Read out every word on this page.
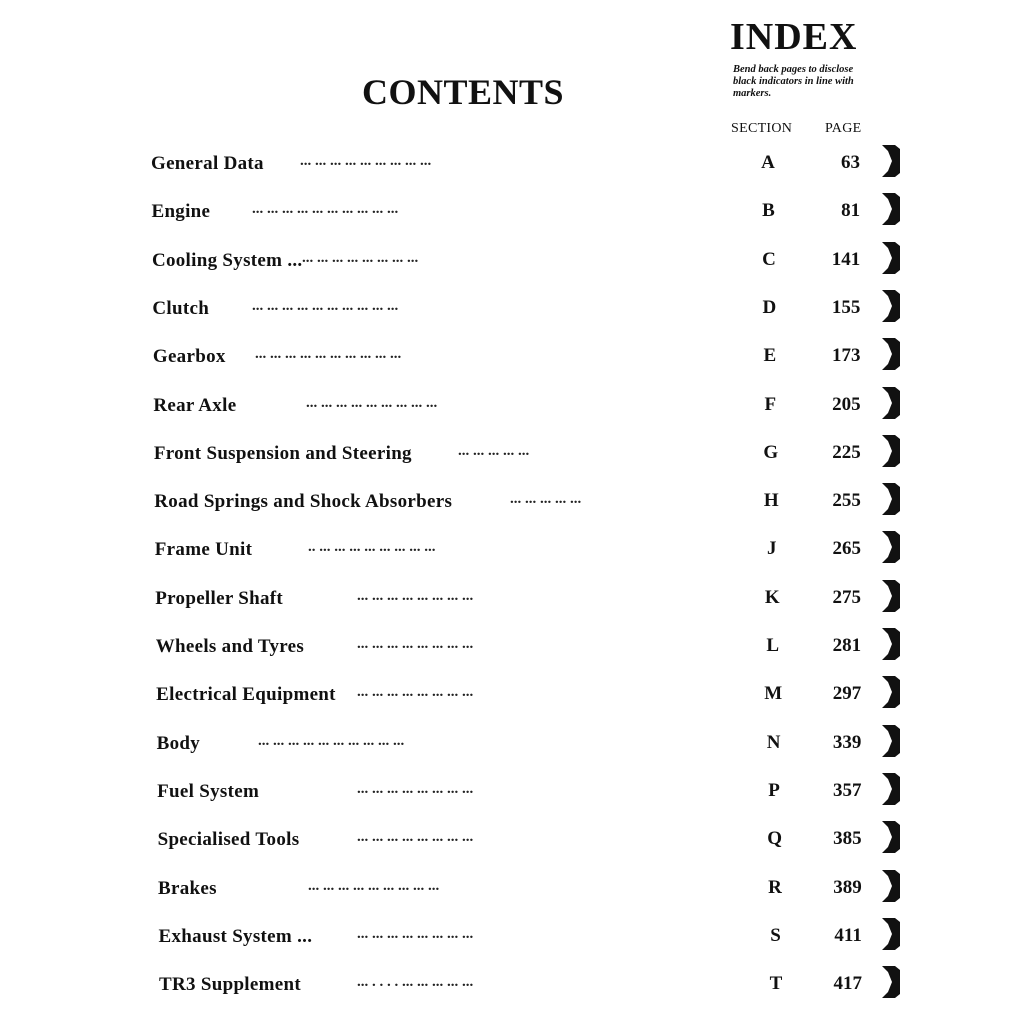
INDEX
Bend back pages to disclose black indicators in line with markers.
CONTENTS
SECTION PAGE
General Data ... ... ... ... ... ... ... ... ...	A	63
Engine	... ... ... ... ... ... ... ... ... ...	B	81
Cooling System ... ... ... ... ... ... ... ... ...	C	141
Clutch	... ... ... ... ... ... ... ... ... ...	D	155
Gearbox ... ... ... ... ... ... ... ... ... ...	E	173
Rear Axle	... ... ... ... ... ... ... ... ...	F	205
Front Suspension and Steering	... ... ... ... ...	G	225
Road Springs and Shock Absorbers	... ... ... ... ...	H	255
Frame Unit	.. ... ... ... ... ... ... ... ...	J	265
Propeller Shaft	... ... ... ... ... ... ... ...	K	275
Wheels and Tyres	... ... ... ... ... ... ... ...	L	281
Electrical Equipment ... ... ... ... ... ... ... ...	M	297
Body	... ... ... ... ... ... ... ... ... ...	N	339
Fuel System	... ... ... ... ... ... ... ...	P	357
Specialised Tools	... ... ... ... ... ... ... ...	Q	385
Brakes	... ... ... ... ... ... ... ... ...	R	389
Exhaust System ...	... ... ... ... ... ... ... ...	S	411
TR3 Supplement	... . . . . ... ... ... ... ...	T	417
